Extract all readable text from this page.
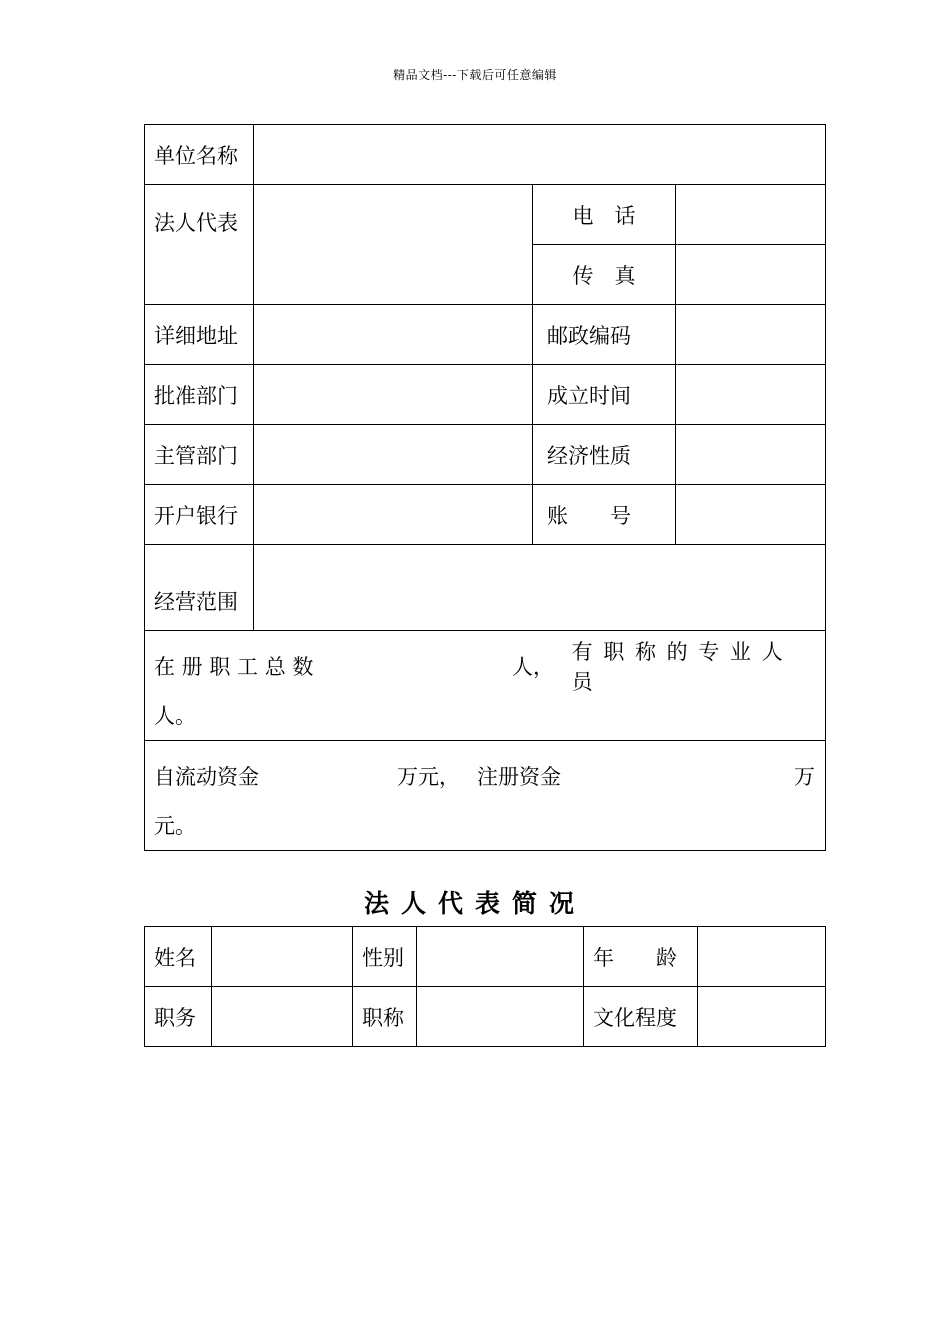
精品文档---下载后可任意编辑
单位名称			
法人代表		电　话	
		传　真	
详细地址		邮政编码	
批准部门		成立时间	
主管部门		经济性质	
开户银行		账　　号	
经营范围			

在 册 职 工 总 数 人，
有 职 称 的 专 业 人 员
人。			

自流动资金 万元， 注册资金 万
元。			
法人代表简况
姓名		性别		年　　龄	
职务		职称		文化程度	
